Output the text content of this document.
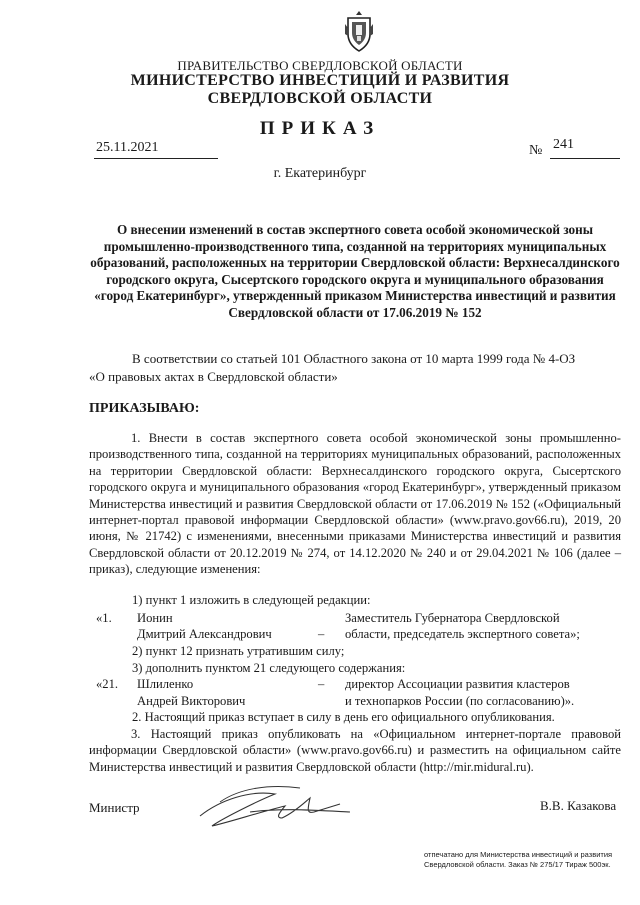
ПРАВИТЕЛЬСТВО СВЕРДЛОВСКОЙ ОБЛАСТИ
МИНИСТЕРСТВО ИНВЕСТИЦИЙ И РАЗВИТИЯ
СВЕРДЛОВСКОЙ ОБЛАСТИ
ПРИКАЗ
25.11.2021	№ 241
г. Екатеринбург
О внесении изменений в состав экспертного совета особой экономической зоны промышленно-производственного типа, созданной на территориях муниципальных образований, расположенных на территории Свердловской области: Верхнесалдинского городского округа, Сысертского городского округа и муниципального образования «город Екатеринбург», утвержденный приказом Министерства инвестиций и развития Свердловской области от 17.06.2019 № 152
В соответствии со статьей 101 Областного закона от 10 марта 1999 года № 4-ОЗ
«О правовых актах в Свердловской области»
ПРИКАЗЫВАЮ:

1. Внести в состав экспертного совета особой экономической зоны промышленно-производственного типа, созданной на территориях муниципальных образований, расположенных на территории Свердловской области: Верхнесалдинского городского округа, Сысертского городского округа и муниципального образования «город Екатеринбург», утвержденный приказом Министерства инвестиций и развития Свердловской области от 17.06.2019 № 152 («Официальный интернет-портал правовой информации Свердловской области» (www.pravo.gov66.ru), 2019, 20 июня, № 21742) с изменениями, внесенными приказами Министерства инвестиций и развития Свердловской области от 20.12.2019 № 274, от 14.12.2020 № 240 и от 29.04.2021 № 106 (далее – приказ), следующие изменения:

1) пункт 1 изложить в следующей редакции:
«1. Ионин
Дмитрий Александрович	–
Заместитель Губернатора Свердловской
области, председатель экспертного совета»;
2) пункт 12 признать утратившим силу;
3) дополнить пунктом 21 следующего содержания:
«21. Шлиленко
Андрей Викторович
– директор Ассоциации развития кластеров
и технопарков России (по согласованию)».
2. Настоящий приказ вступает в силу в день его официального опубликования.

3. Настоящий приказ опубликовать на «Официальном интернет-портале правовой информации Свердловской области» (www.pravo.gov66.ru) и разместить на официальном сайте Министерства инвестиций и развития Свердловской области (http://mir.midural.ru).

Министр	В.В. Казакова
отпечатано для Министерства инвестиций и развития
Свердловской области. Заказ № 275/17 Тираж 500эк.
